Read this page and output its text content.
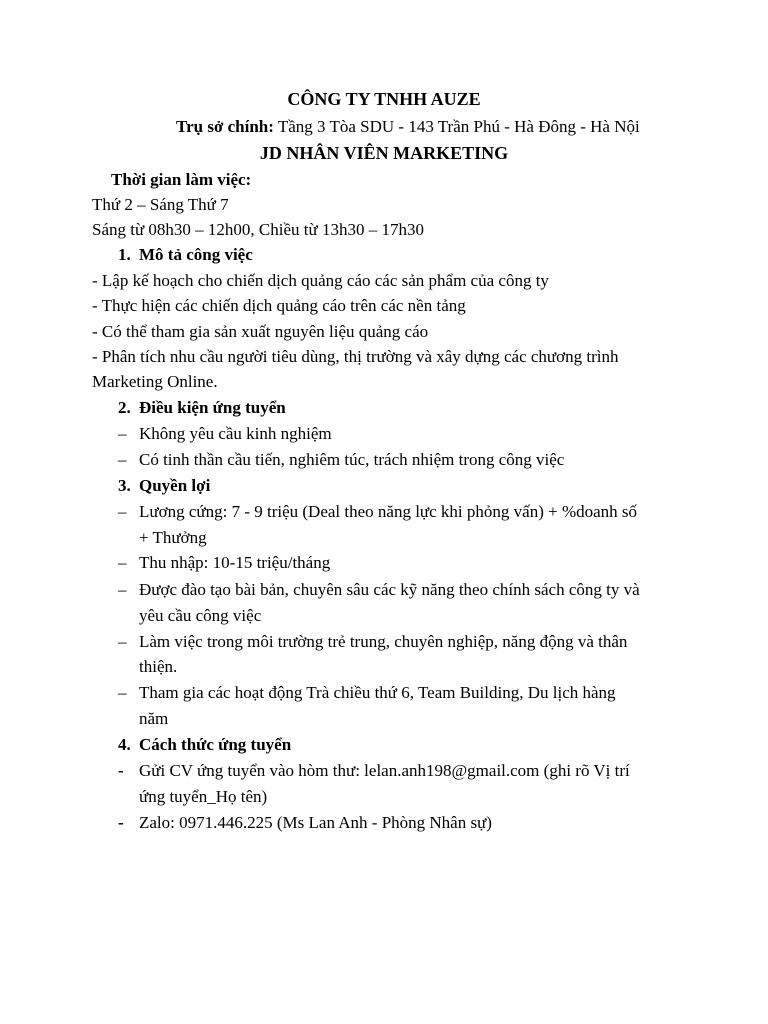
CÔNG TY TNHH AUZE
Trụ sở chính: Tầng 3 Tòa SDU - 143 Trần Phú - Hà Đông - Hà Nội
JD NHÂN VIÊN MARKETING
Thời gian làm việc:
Thứ 2 – Sáng Thứ 7
Sáng từ 08h30 – 12h00, Chiều từ 13h30 – 17h30
1. Mô tả công việc
- Lập kế hoạch cho chiến dịch quảng cáo các sản phẩm của công ty
- Thực hiện các chiến dịch quảng cáo trên các nền tảng
- Có thể tham gia sản xuất nguyên liệu quảng cáo
- Phân tích nhu cầu người tiêu dùng, thị trường và xây dựng các chương trình
Marketing Online.
2. Điều kiện ứng tuyển
– Không yêu cầu kinh nghiệm
– Có tinh thần cầu tiến, nghiêm túc, trách nhiệm trong công việc
3. Quyền lợi
– Lương cứng: 7 - 9 triệu (Deal theo năng lực khi phỏng vấn) + %doanh số
+ Thưởng
– Thu nhập: 10-15 triệu/tháng
– Được đào tạo bài bản, chuyên sâu các kỹ năng theo chính sách công ty và
yêu cầu công việc
– Làm việc trong môi trường trẻ trung, chuyên nghiệp, năng động và thân
thiện.
– Tham gia các hoạt động Trà chiều thứ 6, Team Building, Du lịch hàng
năm
4. Cách thức ứng tuyển
- Gửi CV ứng tuyển vào hòm thư: lelan.anh198@gmail.com (ghi rõ Vị trí
ứng tuyển_Họ tên)
- Zalo: 0971.446.225 (Ms Lan Anh - Phòng Nhân sự)
